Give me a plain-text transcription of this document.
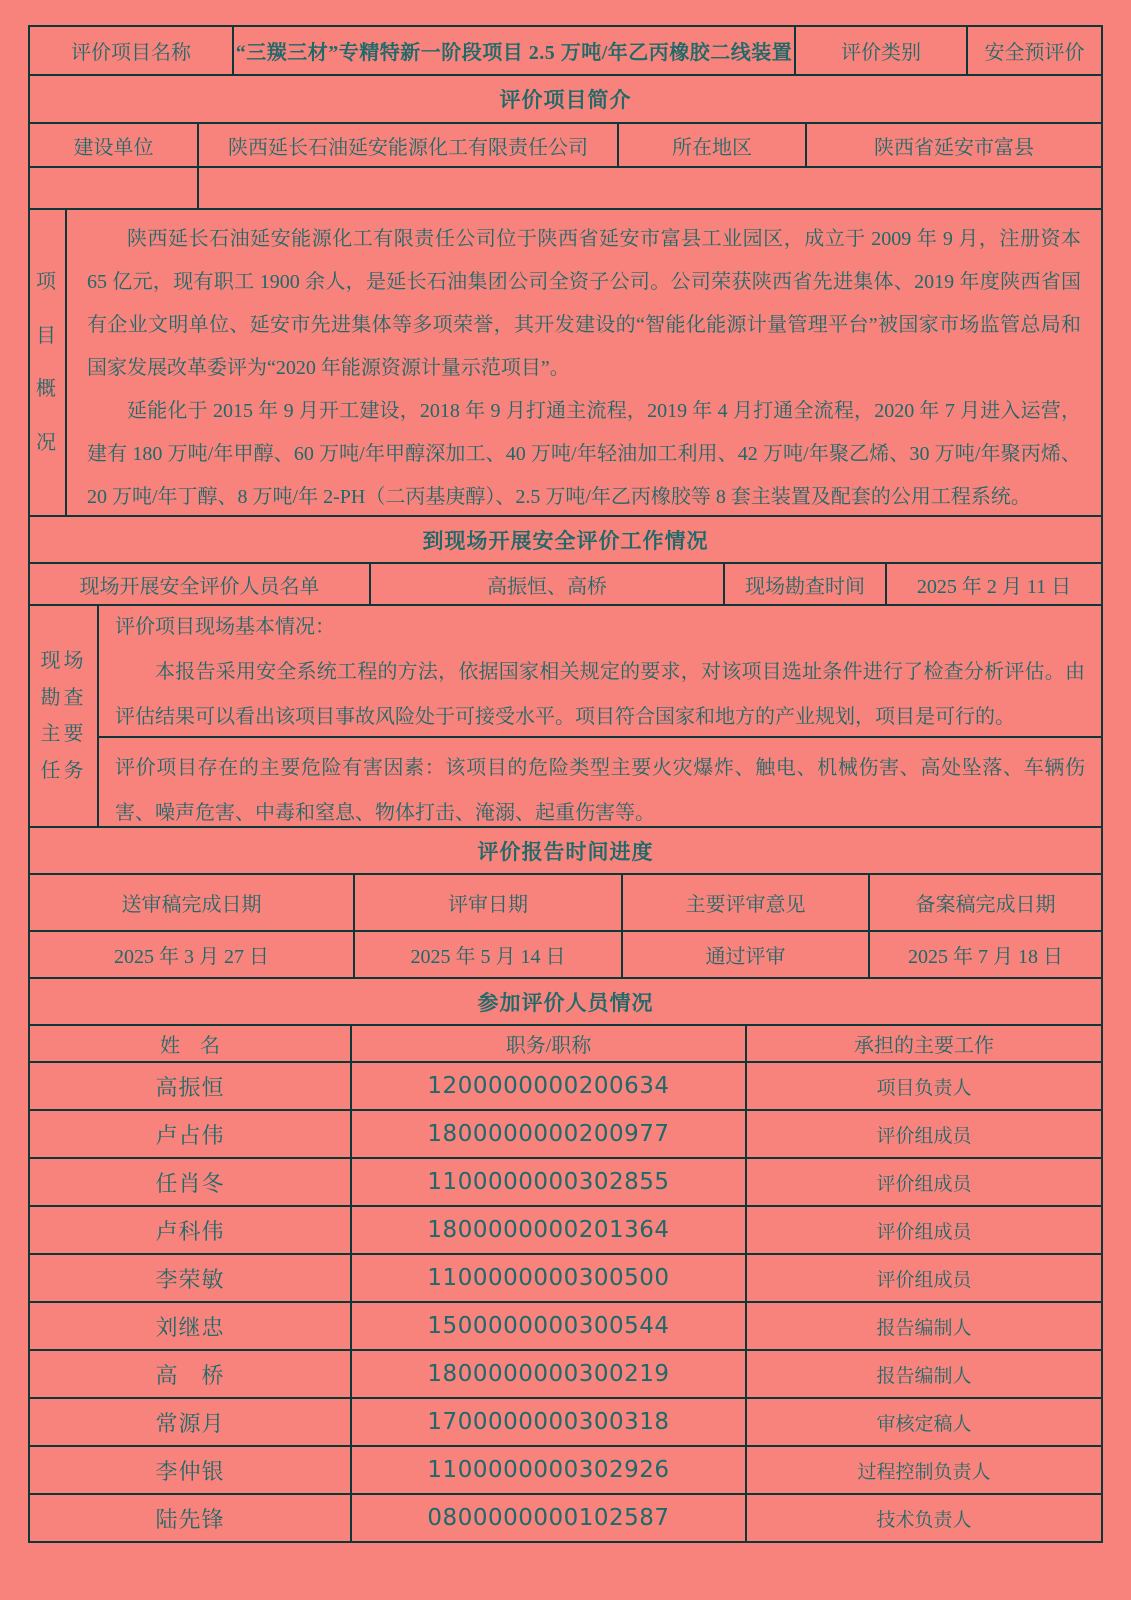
评价项目名称	“三羰三材”专精特新一阶段项目 2.5 万吨/年乙丙橡胶二线装置	评价类别	安全预评价
评价项目简介
建设单位	陕西延长石油延安能源化工有限责任公司	所在地区	陕西省延安市富县
项
目
概
况

陕西延长石油延安能源化工有限责任公司位于陕西省延安市富县工业园区，成立于 2009 年 9 月，注册资本 65 亿元，现有职工 1900 余人，是延长石油集团公司全资子公司。公司荣获陕西省先进集体、2019 年度陕西省国有企业文明单位、延安市先进集体等多项荣誉，其开发建设的“智能化能源计量管理平台”被国家市场监管总局和国家发展改革委评为“2020 年能源资源计量示范项目”。

延能化于 2015 年 9 月开工建设，2018 年 9 月打通主流程，2019 年 4 月打通全流程，2020 年 7 月进入运营，建有 180 万吨/年甲醇、60 万吨/年甲醇深加工、40 万吨/年轻油加工利用、42 万吨/年聚乙烯、30 万吨/年聚丙烯、20 万吨/年丁醇、8 万吨/年 2-PH（二丙基庚醇）、2.5 万吨/年乙丙橡胶等 8 套主装置及配套的公用工程系统。

到现场开展安全评价工作情况
现场开展安全评价人员名单	高振恒、高桥	现场勘查时间	2025 年 2 月 11 日
现场
勘查
主要
任务

评价项目现场基本情况：

本报告采用安全系统工程的方法，依据国家相关规定的要求，对该项目选址条件进行了检查分析评估。由评估结果可以看出该项目事故风险处于可接受水平。项目符合国家和地方的产业规划，项目是可行的。

评价项目存在的主要危险有害因素：该项目的危险类型主要火灾爆炸、触电、机械伤害、高处坠落、车辆伤害、噪声危害、中毒和窒息、物体打击、淹溺、起重伤害等。

评价报告时间进度
送审稿完成日期	评审日期	主要评审意见	备案稿完成日期
2025 年 3 月 27 日	2025 年 5 月 14 日	通过评审	2025 年 7 月 18 日
参加评价人员情况
姓　名	职务/职称	承担的主要工作
高振恒	1200000000200634	项目负责人
卢占伟	1800000000200977	评价组成员
任肖冬	1100000000302855	评价组成员
卢科伟	1800000000201364	评价组成员
李荣敏	1100000000300500	评价组成员
刘继忠	1500000000300544	报告编制人
高　桥	1800000000300219	报告编制人
常源月	1700000000300318	审核定稿人
李仲银	1100000000302926	过程控制负责人
陆先锋	0800000000102587	技术负责人
